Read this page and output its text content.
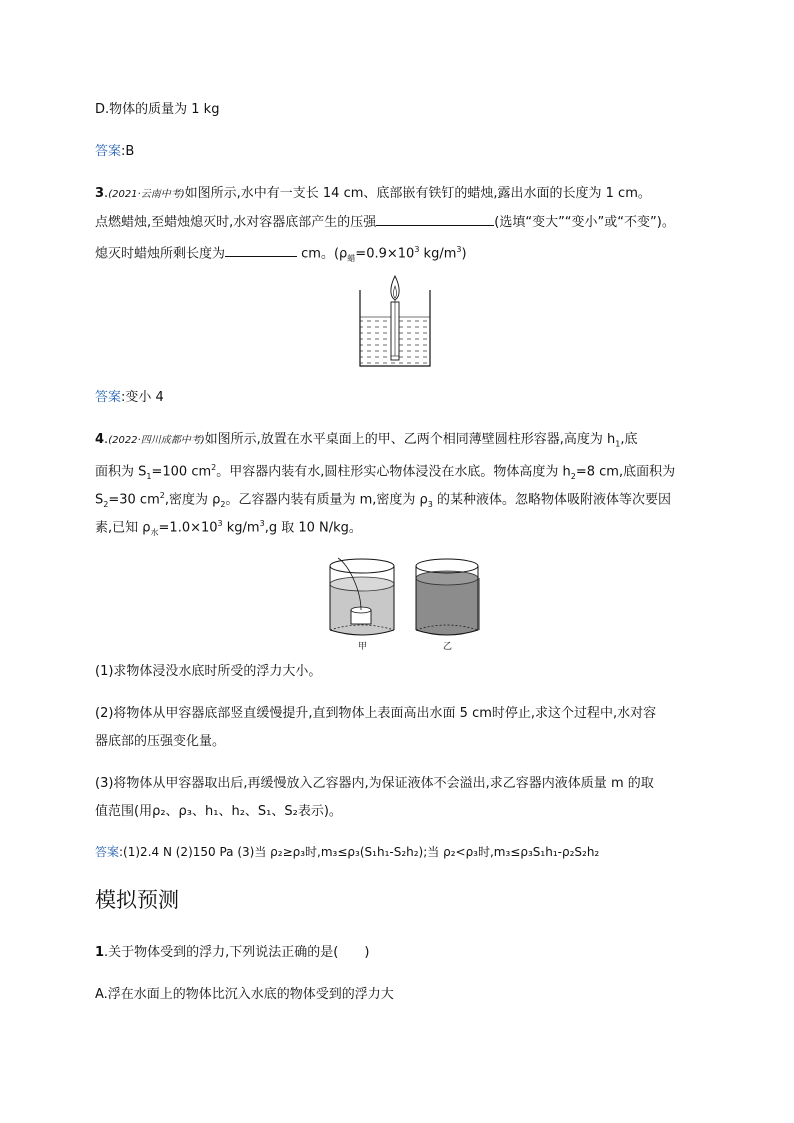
D.物体的质量为 1 kg
答案:B
3.(2021·云南中考)如图所示,水中有一支长 14 cm、底部嵌有铁钉的蜡烛,露出水面的长度为 1 cm。
点燃蜡烛,至蜡烛熄灭时,水对容器底部产生的压强	(选填“变大”“变小”或“不变”)。
熄灭时蜡烛所剩长度为	cm。($\rho_蜡=0.9\times 10^3$ $kg/m^3$)
答案:变小 4
4.(2022·四川成都中考)如图所示,放置在水平桌面上的甲、乙两个相同薄壁圆柱形容器,高度为 $h_1$,底
面积为 $S_1=100$ $cm^2$。甲容器内装有水,圆柱形实心物体浸没在水底。物体高度为 $h_2=8$ cm,底面积为
$S_2=30$ $cm^2$,密度为 $\rho_2$。乙容器内装有质量为 m,密度为 $\rho_3$ 的某种液体。忽略物体吸附液体等次要因
素,已知 $\rho_水=1.0\times 10^3$ $kg/m^3,g$ 取 10 N/kg。
甲	乙
(1)求物体浸没水底时所受的浮力大小。
(2)将物体从甲容器底部竖直缓慢提升,直到物体上表面高出水面 5 cm时停止,求这个过程中,水对容
器底部的压强变化量。
(3)将物体从甲容器取出后,再缓慢放入乙容器内,为保证液体不会溢出,求乙容器内液体质量 m 的取
值范围(用ρ₂、ρ₃、h₁、h₂、S₁、S₂表示)。
答案:(1)2.4 N (2)150 Pa (3)当 ρ₂≥ρ₃时,m₃≤ρ₃(S₁h₁-S₂h₂);当 ρ₂<ρ₃时,m₃≤ρ₃S₁h₁-ρ₂S₂h₂
模拟预测
1.关于物体受到的浮力,下列说法正确的是(　　)
A.浮在水面上的物体比沉入水底的物体受到的浮力大
